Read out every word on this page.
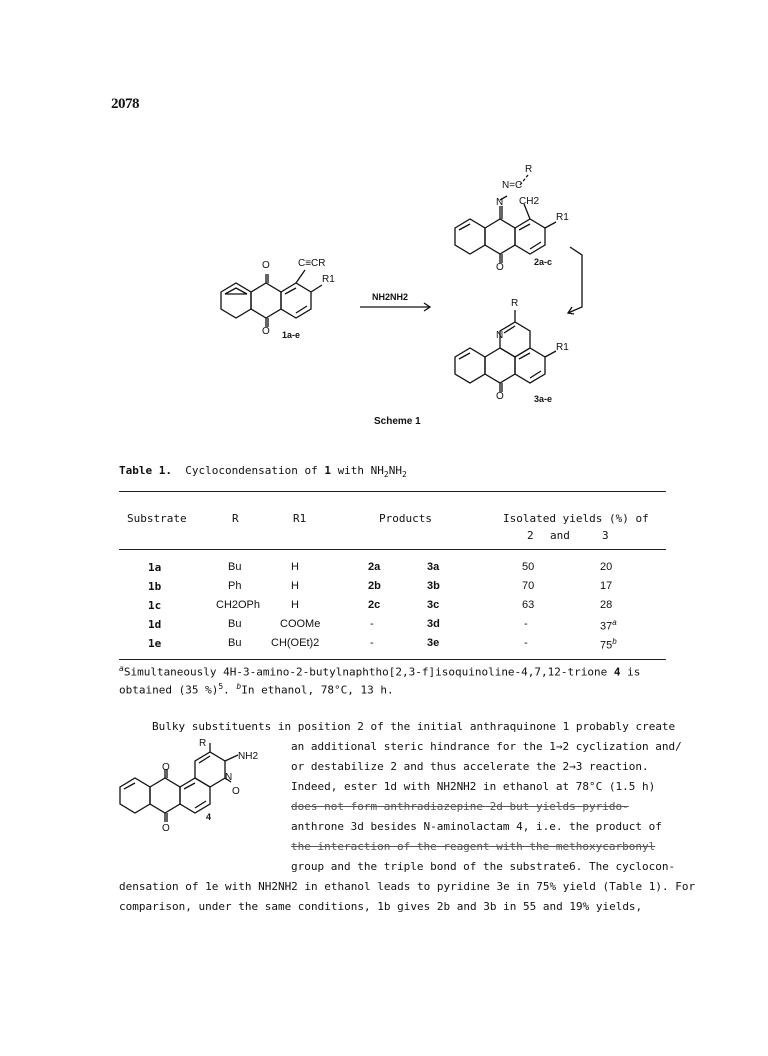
2078
O	C≡CR
R1
O 1a-e
NH2NH2
R
N=C
N CH2
R1
O	2a-c
R
N
R1
O	3a-e
Scheme 1
Table 1. Cyclocondensation of 1 with $NH_2NH_2$
Substrate	R	R1	Products	Isolated yields (%) of
2 and	3
1a	Bu	H	2a	3a	50	20
1b	Ph	H	2b	3b	70	17
1c	CH2OPh	H	2c	3c	63	28
1d	Bu	COOMe	-	3d	-	37$^a$
1e	Bu	CH(OEt)2	-	3e	-	75$^b$
$^a$Simultaneously 4H-3-amino-2-butylnaphtho[2,3-f]isoquinoline-4,7,12-trione 4 is
obtained (35 %)$^5$. $^b$In ethanol, 78°C, 13 h.
R
NH2
N
O
O
O
4
Bulky substituents in position 2 of the initial anthraquinone 1 probably create
an additional steric hindrance for the 1→2 cyclization and/
or destabilize 2 and thus accelerate the 2→3 reaction.
Indeed, ester 1d with NH2NH2 in ethanol at 78°C (1.5 h)
does not form anthradiazepine 2d but yields pyrido-
anthrone 3d besides N-aminolactam 4, i.e. the product of
the interaction of the reagent with the methoxycarbonyl
group and the triple bond of the substrate6. The cyclocon-
densation of 1e with NH2NH2 in ethanol leads to pyridine 3e in 75% yield (Table 1). For
comparison, under the same conditions, 1b gives 2b and 3b in 55 and 19% yields,
